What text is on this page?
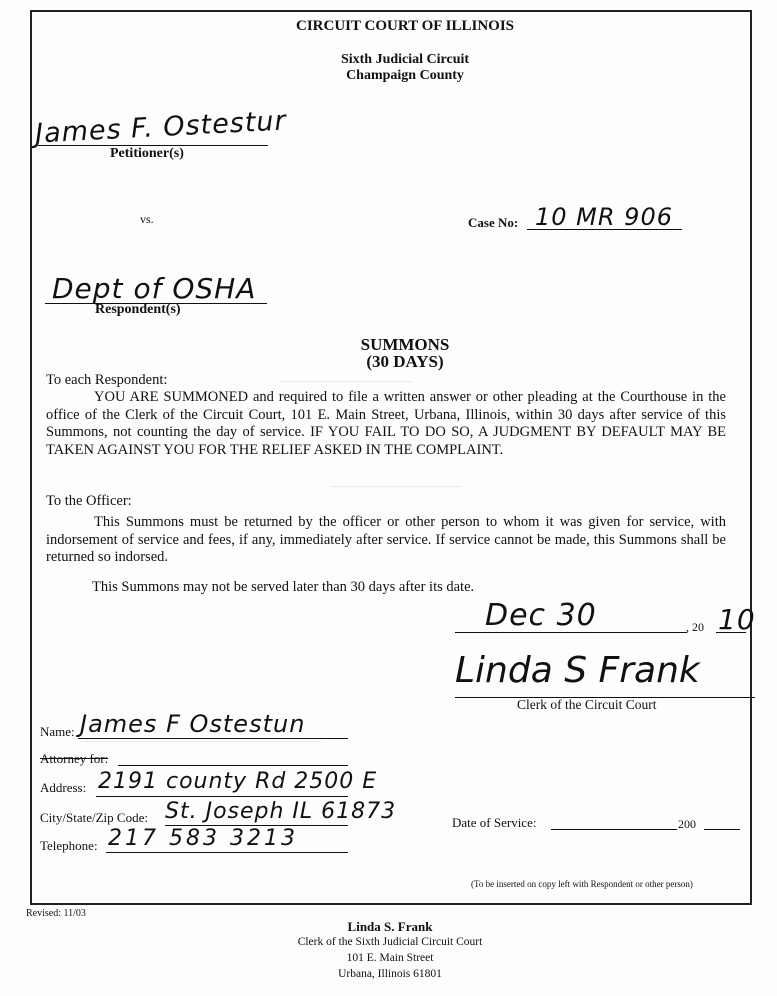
________________________
________________________
____________________________________________
CIRCUIT COURT OF ILLINOIS
Sixth Judicial Circuit
Champaign County
James F. Ostestur
Petitioner(s)
vs.	Case No: 10 MR 906
Dept of OSHA
Respondent(s)
SUMMONS
(30 DAYS)
To each Respondent:

YOU ARE SUMMONED and required to file a written answer or other pleading at the Courthouse in the office of the Clerk of the Circuit Court, 101 E. Main Street, Urbana, Illinois, within 30 days after service of this Summons, not counting the day of service. IF YOU FAIL TO DO SO, A JUDGMENT BY DEFAULT MAY BE TAKEN AGAINST YOU FOR THE RELIEF ASKED IN THE COMPLAINT.

To the Officer:

This Summons must be returned by the officer or other person to whom it was given for service, with indorsement of service and fees, if any, immediately after service. If service cannot be made, this Summons shall be returned so indorsed.

This Summons may not be served later than 30 days after its date.
Dec 30	, 20 10
Linda S Frank
Clerk of the Circuit Court
Name: James F Ostestun
Attorney for:
Address: 2191 county Rd 2500 E
City/State/Zip Code: St. Joseph IL 61873
Telephone: 217 583 3213
Date of Service:	200
(To be inserted on copy left with Respondent or other person)
Revised: 11/03
Linda S. Frank
Clerk of the Sixth Judicial Circuit Court
101 E. Main Street
Urbana, Illinois 61801
